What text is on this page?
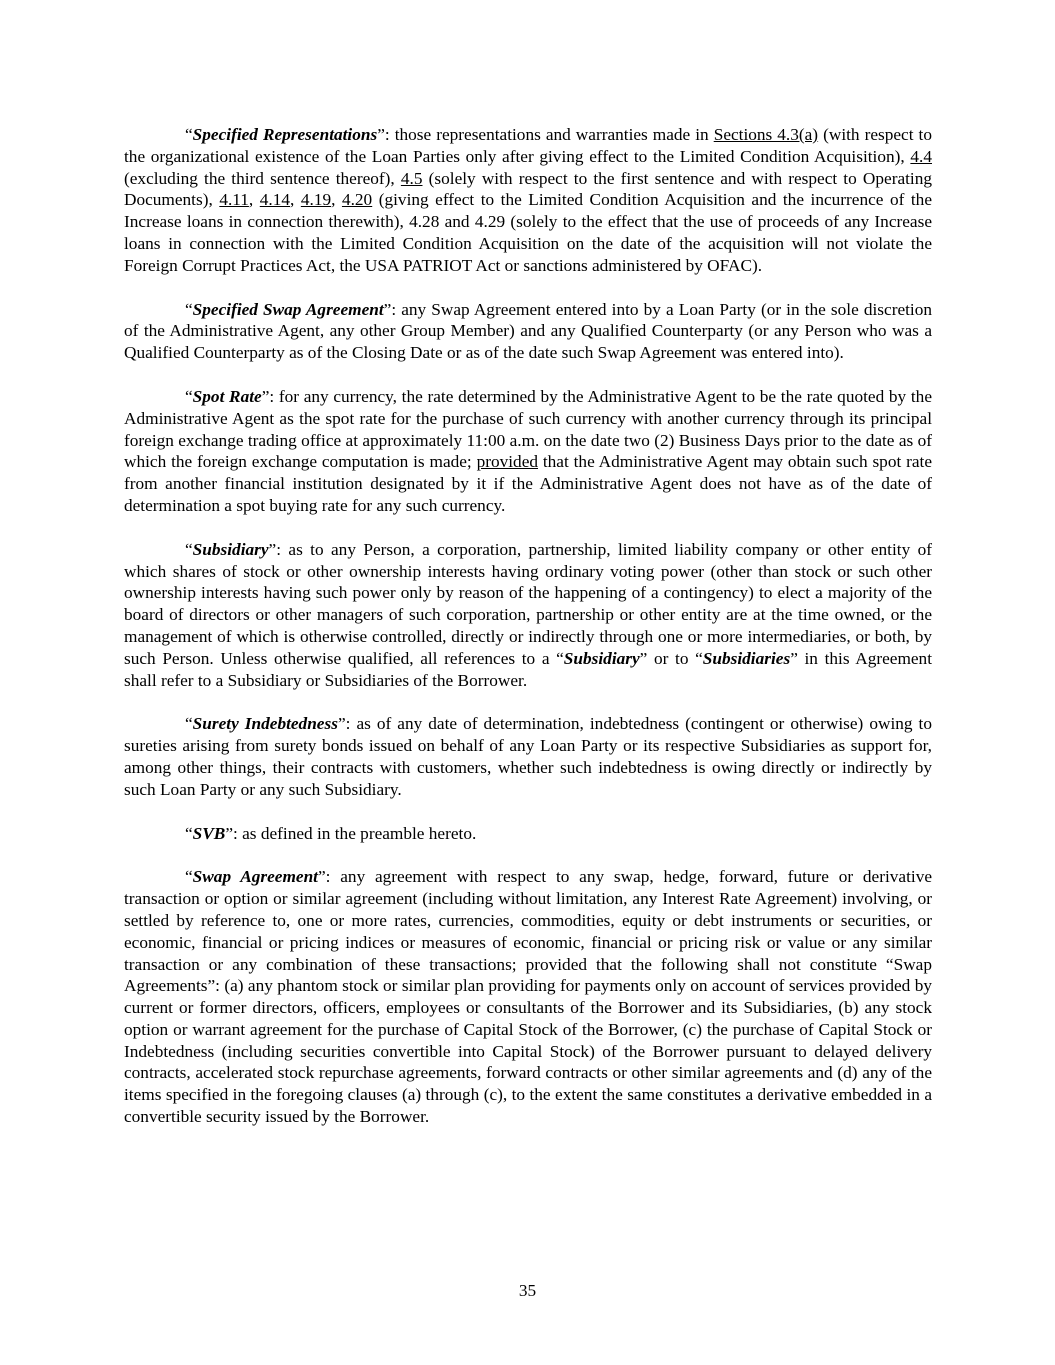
“Specified Representations”: those representations and warranties made in Sections 4.3(a) (with respect to the organizational existence of the Loan Parties only after giving effect to the Limited Condition Acquisition), 4.4 (excluding the third sentence thereof), 4.5 (solely with respect to the first sentence and with respect to Operating Documents), 4.11, 4.14, 4.19, 4.20 (giving effect to the Limited Condition Acquisition and the incurrence of the Increase loans in connection therewith), 4.28 and 4.29 (solely to the effect that the use of proceeds of any Increase loans in connection with the Limited Condition Acquisition on the date of the acquisition will not violate the Foreign Corrupt Practices Act, the USA PATRIOT Act or sanctions administered by OFAC).

“Specified Swap Agreement”: any Swap Agreement entered into by a Loan Party (or in the sole discretion of the Administrative Agent, any other Group Member) and any Qualified Counterparty (or any Person who was a Qualified Counterparty as of the Closing Date or as of the date such Swap Agreement was entered into).

“Spot Rate”: for any currency, the rate determined by the Administrative Agent to be the rate quoted by the Administrative Agent as the spot rate for the purchase of such currency with another currency through its principal foreign exchange trading office at approximately 11:00 a.m. on the date two (2) Business Days prior to the date as of which the foreign exchange computation is made; provided that the Administrative Agent may obtain such spot rate from another financial institution designated by it if the Administrative Agent does not have as of the date of determination a spot buying rate for any such currency.

“Subsidiary”: as to any Person, a corporation, partnership, limited liability company or other entity of which shares of stock or other ownership interests having ordinary voting power (other than stock or such other ownership interests having such power only by reason of the happening of a contingency) to elect a majority of the board of directors or other managers of such corporation, partnership or other entity are at the time owned, or the management of which is otherwise controlled, directly or indirectly through one or more intermediaries, or both, by such Person. Unless otherwise qualified, all references to a “Subsidiary” or to “Subsidiaries” in this Agreement shall refer to a Subsidiary or Subsidiaries of the Borrower.

“Surety Indebtedness”: as of any date of determination, indebtedness (contingent or otherwise) owing to sureties arising from surety bonds issued on behalf of any Loan Party or its respective Subsidiaries as support for, among other things, their contracts with customers, whether such indebtedness is owing directly or indirectly by such Loan Party or any such Subsidiary.

“SVB”: as defined in the preamble hereto.

“Swap Agreement”: any agreement with respect to any swap, hedge, forward, future or derivative transaction or option or similar agreement (including without limitation, any Interest Rate Agreement) involving, or settled by reference to, one or more rates, currencies, commodities, equity or debt instruments or securities, or economic, financial or pricing indices or measures of economic, financial or pricing risk or value or any similar transaction or any combination of these transactions; provided that the following shall not constitute “Swap Agreements”: (a) any phantom stock or similar plan providing for payments only on account of services provided by current or former directors, officers, employees or consultants of the Borrower and its Subsidiaries, (b) any stock option or warrant agreement for the purchase of Capital Stock of the Borrower, (c) the purchase of Capital Stock or Indebtedness (including securities convertible into Capital Stock) of the Borrower pursuant to delayed delivery contracts, accelerated stock repurchase agreements, forward contracts or other similar agreements and (d) any of the items specified in the foregoing clauses (a) through (c), to the extent the same constitutes a derivative embedded in a convertible security issued by the Borrower.

35
